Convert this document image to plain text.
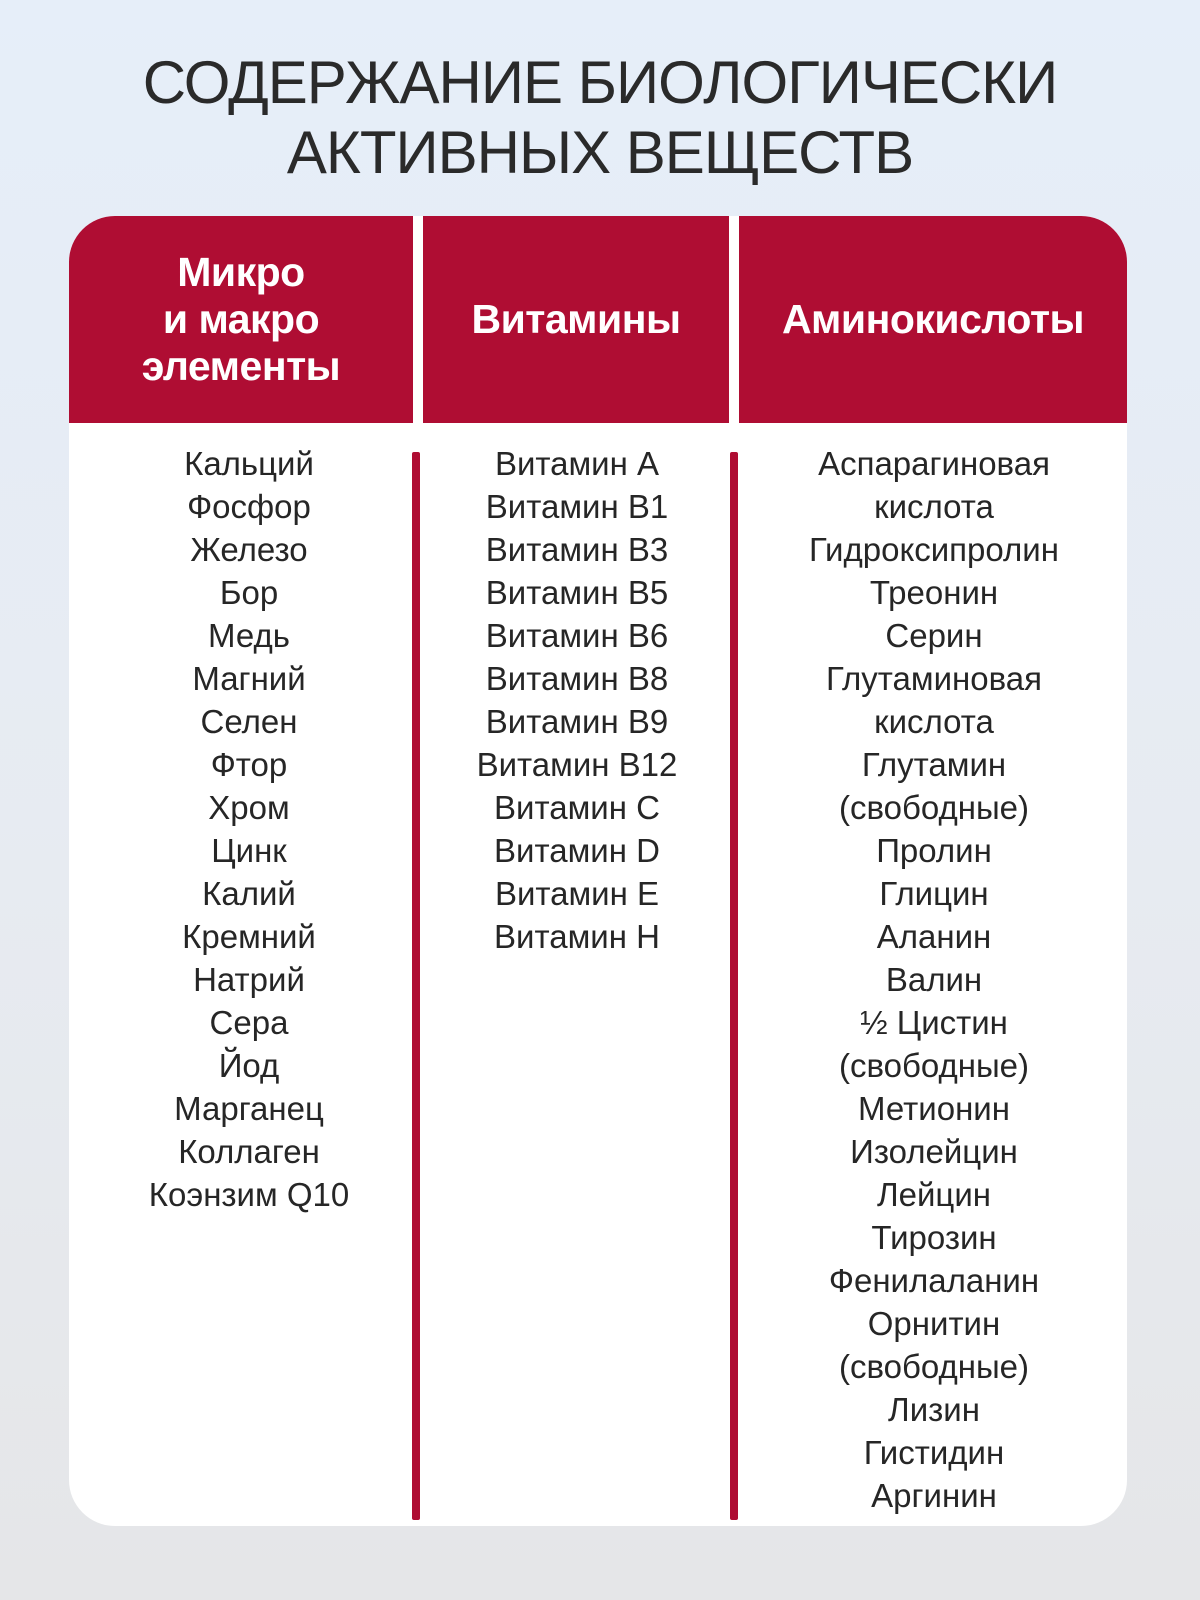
СОДЕРЖАНИЕ БИОЛОГИЧЕСКИ
АКТИВНЫХ ВЕЩЕСТВ
Микро
и макро
элементы
Витамины Аминокислоты
Кальций
Фосфор
Железо
Бор
Медь
Магний
Селен
Фтор
Хром
Цинк
Калий
Кремний
Натрий
Сера
Йод
Марганец
Коллаген
Коэнзим Q10
Витамин А
Витамин В1
Витамин В3
Витамин В5
Витамин В6
Витамин В8
Витамин В9
Витамин В12
Витамин С
Витамин D
Витамин Е
Витамин Н
Аспарагиновая
кислота
Гидроксипролин
Треонин
Серин
Глутаминовая
кислота
Глутамин
(свободные)
Пролин
Глицин
Аланин
Валин
½ Цистин
(свободные)
Метионин
Изолейцин
Лейцин
Тирозин
Фенилаланин
Орнитин
(свободные)
Лизин
Гистидин
Аргинин
